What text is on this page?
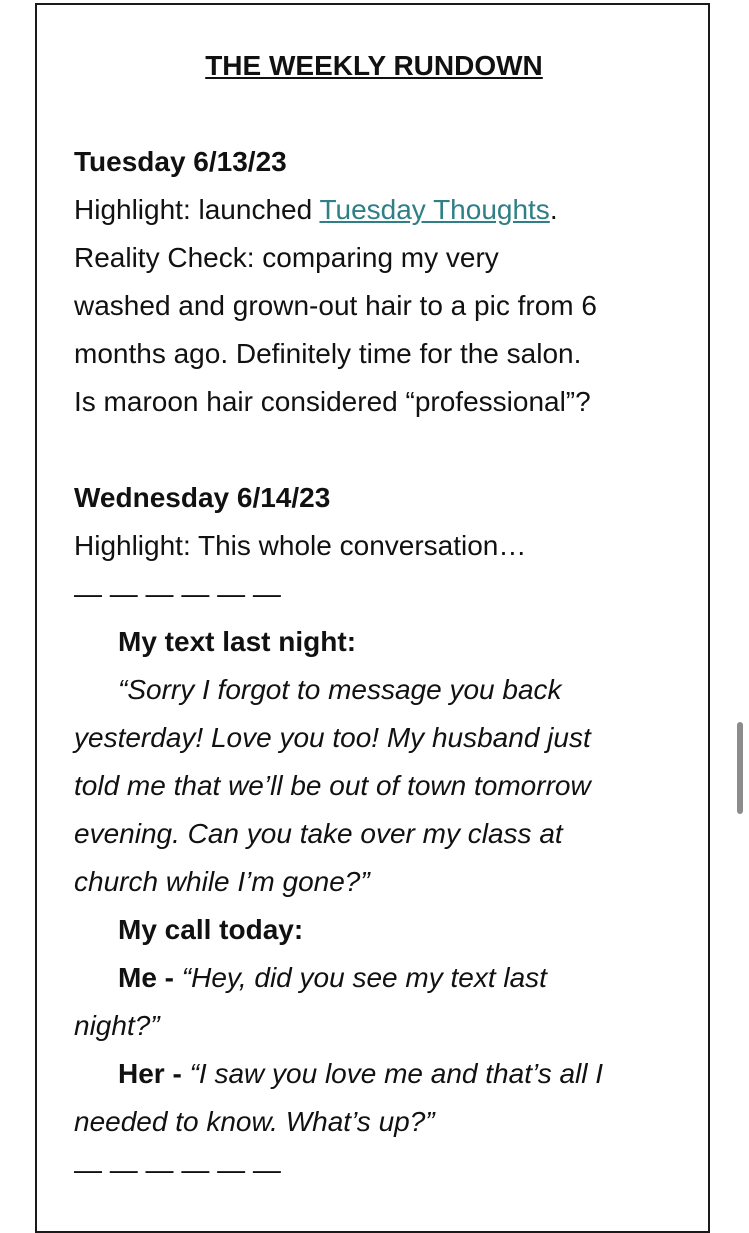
THE WEEKLY RUNDOWN

Tuesday 6/13/23

Highlight: launched Tuesday Thoughts.

Reality Check: comparing my very

washed and grown-out hair to a pic from 6

months ago. Definitely time for the salon.

Is maroon hair considered “professional”?

Wednesday 6/14/23

Highlight: This whole conversation…

— — — — — —

My text last night:

“Sorry I forgot to message you back

yesterday! Love you too! My husband just

told me that we’ll be out of town tomorrow

evening. Can you take over my class at

church while I’m gone?”

My call today:

Me - “Hey, did you see my text last

night?”

Her - “I saw you love me and that’s all I

needed to know. What’s up?”

— — — — — —
